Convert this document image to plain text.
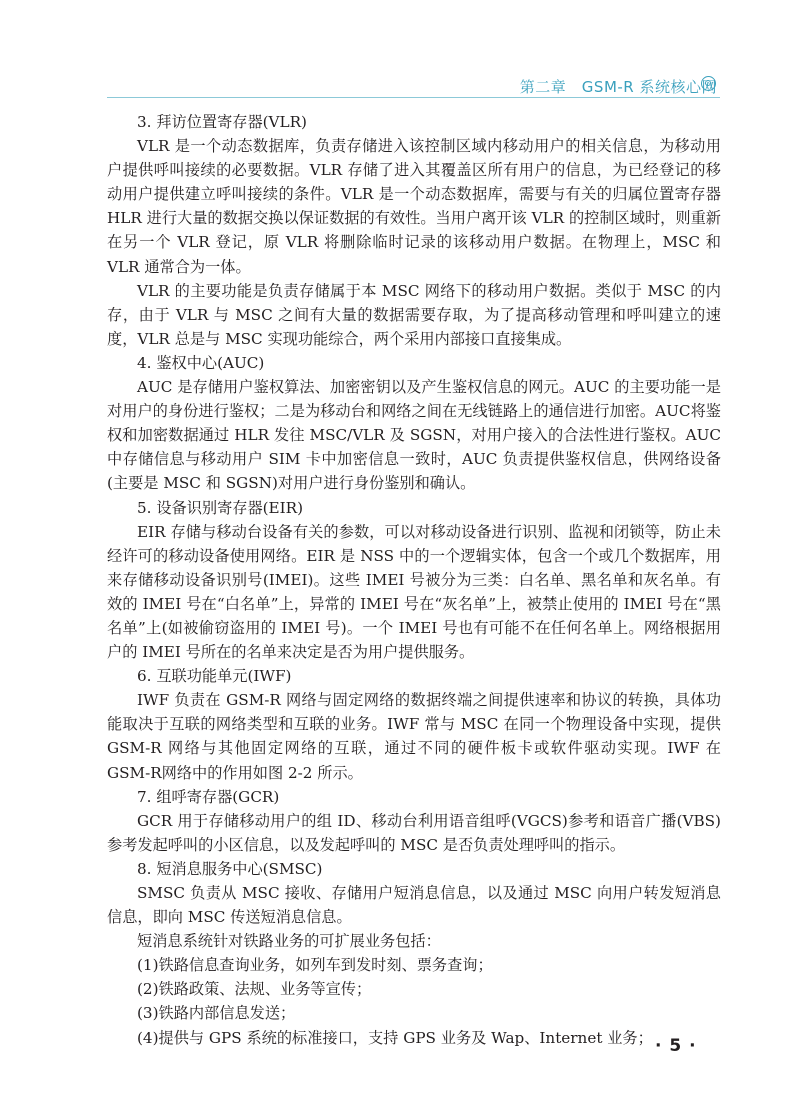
第二章　GSM-R 系统核心网

3. 拜访位置寄存器(VLR)

VLR 是一个动态数据库，负责存储进入该控制区域内移动用户的相关信息，为移动用户提供呼叫接续的必要数据。VLR 存储了进入其覆盖区所有用户的信息，为已经登记的移动用户提供建立呼叫接续的条件。VLR 是一个动态数据库，需要与有关的归属位置寄存器HLR 进行大量的数据交换以保证数据的有效性。当用户离开该 VLR 的控制区域时，则重新在另一个 VLR 登记，原 VLR 将删除临时记录的该移动用户数据。在物理上，MSC 和VLR 通常合为一体。

VLR 的主要功能是负责存储属于本 MSC 网络下的移动用户数据。类似于 MSC 的内存，由于 VLR 与 MSC 之间有大量的数据需要存取，为了提高移动管理和呼叫建立的速度，VLR 总是与 MSC 实现功能综合，两个采用内部接口直接集成。

4. 鉴权中心(AUC)

AUC 是存储用户鉴权算法、加密密钥以及产生鉴权信息的网元。AUC 的主要功能一是对用户的身份进行鉴权；二是为移动台和网络之间在无线链路上的通信进行加密。AUC将鉴权和加密数据通过 HLR 发往 MSC/VLR 及 SGSN，对用户接入的合法性进行鉴权。AUC 中存储信息与移动用户 SIM 卡中加密信息一致时，AUC 负责提供鉴权信息，供网络设备(主要是 MSC 和 SGSN)对用户进行身份鉴别和确认。

5. 设备识别寄存器(EIR)

EIR 存储与移动台设备有关的参数，可以对移动设备进行识别、监视和闭锁等，防止未经许可的移动设备使用网络。EIR 是 NSS 中的一个逻辑实体，包含一个或几个数据库，用来存储移动设备识别号(IMEI)。这些 IMEI 号被分为三类：白名单、黑名单和灰名单。有效的 IMEI 号在“白名单”上，异常的 IMEI 号在“灰名单”上，被禁止使用的 IMEI 号在“黑名单”上(如被偷窃盗用的 IMEI 号)。一个 IMEI 号也有可能不在任何名单上。网络根据用户的 IMEI 号所在的名单来决定是否为用户提供服务。

6. 互联功能单元(IWF)

IWF 负责在 GSM-R 网络与固定网络的数据终端之间提供速率和协议的转换，具体功能取决于互联的网络类型和互联的业务。IWF 常与 MSC 在同一个物理设备中实现，提供GSM-R 网络与其他固定网络的互联，通过不同的硬件板卡或软件驱动实现。IWF 在 GSM-R网络中的作用如图 2-2 所示。

7. 组呼寄存器(GCR)

GCR 用于存储移动用户的组 ID、移动台利用语音组呼(VGCS)参考和语音广播(VBS)参考发起呼叫的小区信息，以及发起呼叫的 MSC 是否负责处理呼叫的指示。

8. 短消息服务中心(SMSC)

SMSC 负责从 MSC 接收、存储用户短消息信息，以及通过 MSC 向用户转发短消息信息，即向 MSC 传送短消息信息。

短消息系统针对铁路业务的可扩展业务包括：

(1)铁路信息查询业务，如列车到发时刻、票务查询；

(2)铁路政策、法规、业务等宣传；

(3)铁路内部信息发送；

(4)提供与 GPS 系统的标准接口，支持 GPS 业务及 Wap、Internet 业务； · 5 ·
